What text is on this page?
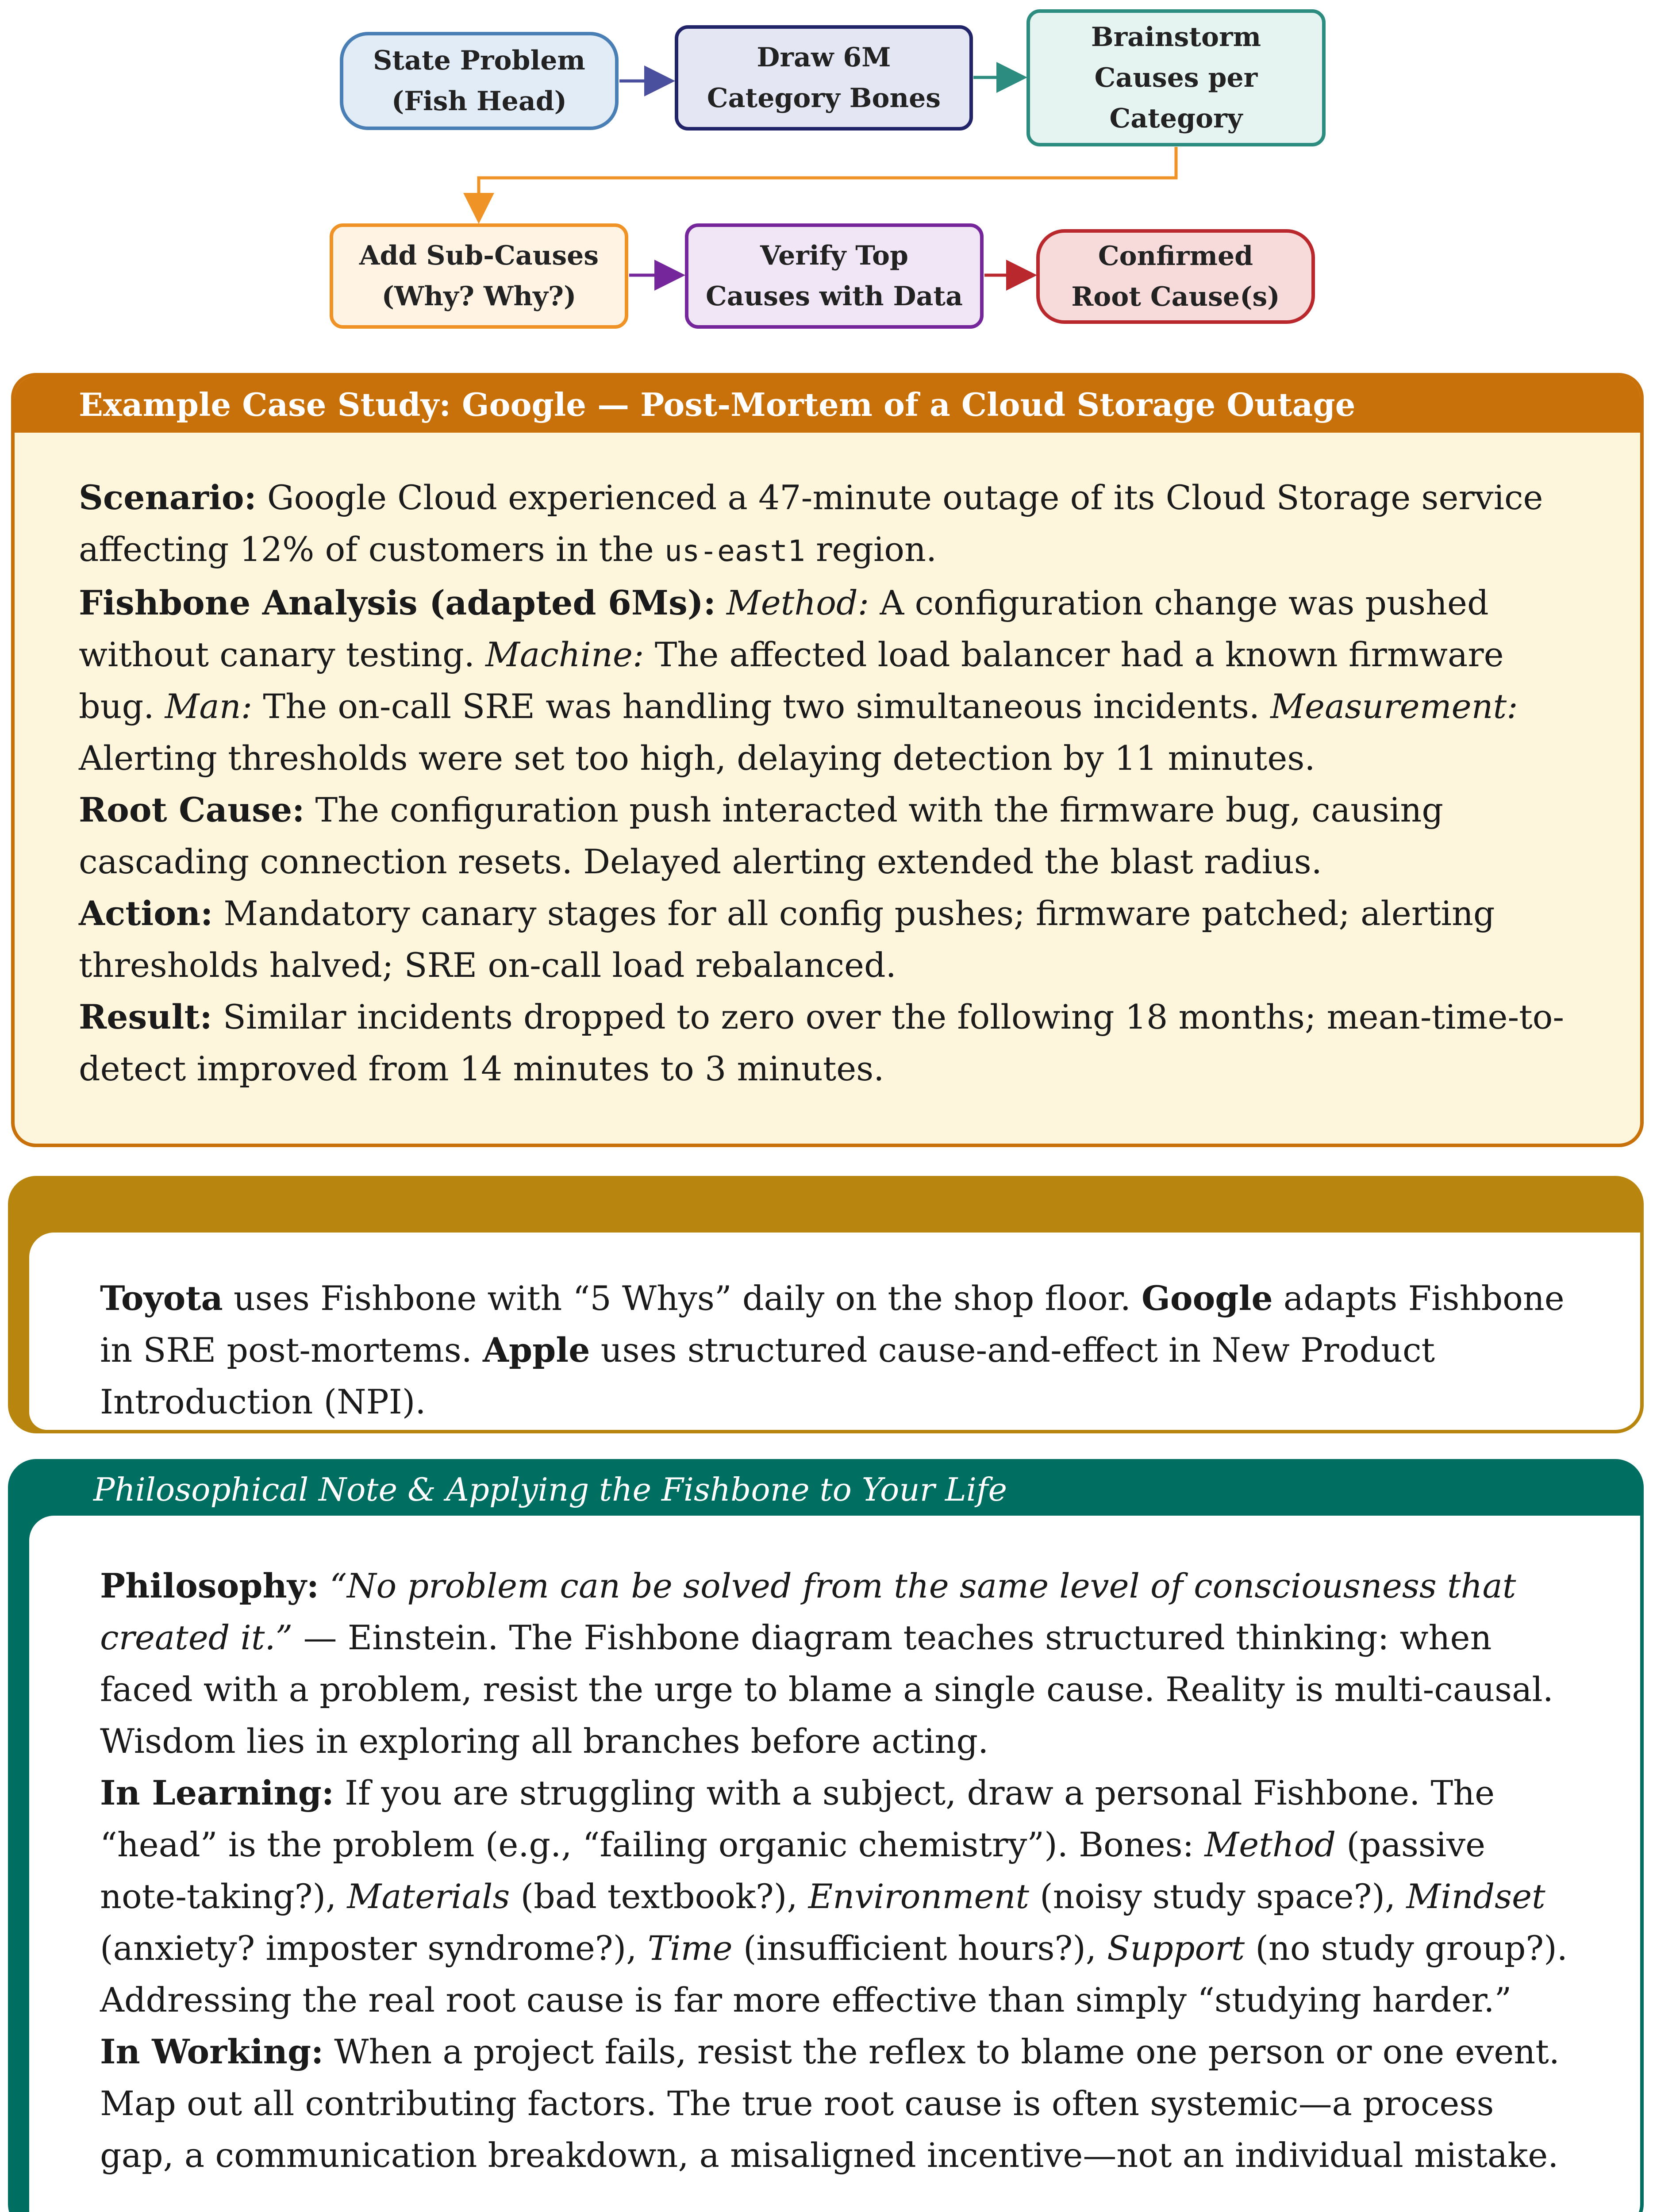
State Problem
(Fish Head)
Draw 6M
Category Bones
Brainstorm
Causes per
Category
Add Sub-Causes
(Why? Why?)
Verify Top
Causes with Data
Confirmed
Root Cause(s)
Example Case Study: Google — Post-Mortem of a Cloud Storage Outage

Scenario: Google Cloud experienced a 47-minute outage of its Cloud Storage service affecting 12% of customers in the us-east1 region.

Fishbone Analysis (adapted 6Ms): Method: A configuration change was pushed without canary testing. Machine: The affected load balancer had a known firmware bug. Man: The on-call SRE was handling two simultaneous incidents. Measurement: Alerting thresholds were set too high, delaying detection by 11 minutes.

Root Cause: The configuration push interacted with the firmware bug, causing cascading connection resets. Delayed alerting extended the blast radius.

Action: Mandatory canary stages for all config pushes; firmware patched; alerting thresholds halved; SRE on-call load rebalanced.

Result: Similar incidents dropped to zero over the following 18 months; mean-time-to-detect improved from 14 minutes to 3 minutes.

Toyota uses Fishbone with “5 Whys” daily on the shop floor. Google adapts Fishbone in SRE post-mortems. Apple uses structured cause-and-effect in New Product Introduction (NPI).
Philosophical Note & Applying the Fishbone to Your Life

Philosophy: “No problem can be solved from the same level of consciousness that created it.” — Einstein. The Fishbone diagram teaches structured thinking: when faced with a problem, resist the urge to blame a single cause. Reality is multi-causal. Wisdom lies in exploring all branches before acting.

In Learning: If you are struggling with a subject, draw a personal Fishbone. The “head” is the problem (e.g., “failing organic chemistry”). Bones: Method (passive note-taking?), Materials (bad textbook?), Environment (noisy study space?), Mindset (anxiety? imposter syndrome?), Time (insufficient hours?), Support (no study group?). Addressing the real root cause is far more effective than simply “studying harder.”

In Working: When a project fails, resist the reflex to blame one person or one event. Map out all contributing factors. The true root cause is often systemic—a process gap, a communication breakdown, a misaligned incentive—not an individual mistake.
